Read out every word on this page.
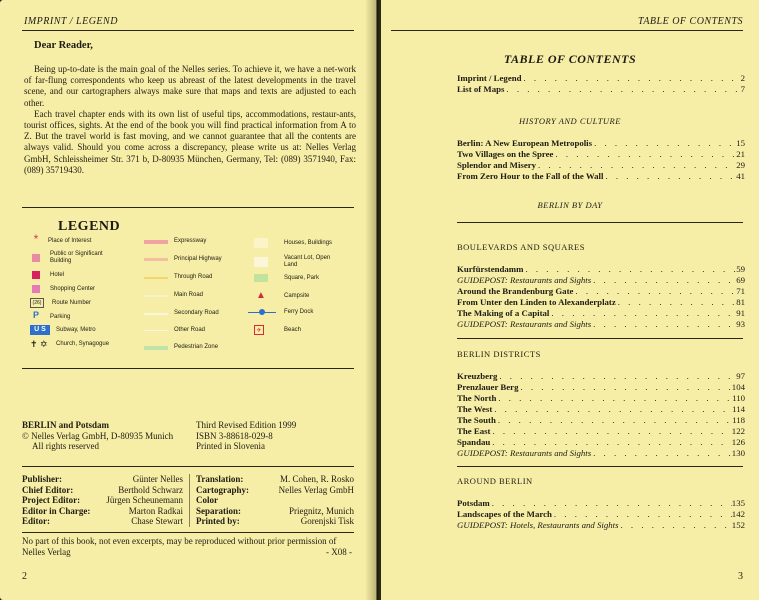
IMPRINT / LEGEND
Dear Reader,

Being up-to-date is the main goal of the Nelles series. To achieve it, we have a net-work of far-flung correspondents who keep us abreast of the latest developments in the travel scene, and our cartographers always make sure that maps and texts are adjusted to each other.

Each travel chapter ends with its own list of useful tips, accommodations, restaur-ants, tourist offices, sights. At the end of the book you will find practical information from A to Z. But the travel world is fast moving, and we cannot guarantee that all the contents are always valid. Should you come across a discrepancy, please write us at: Nelles Verlag GmbH, Schleissheimer Str. 371 b, D-80935 München, Germany, Tel: (089) 3571940, Fax: (089) 35719430.

LEGEND
*	Place of Interest
Public or Significant Building
Hotel
Shopping Center
(26)	Route Number
P	Parking
U S	Subway, Metro
✝ ✡	Church, Synagogue
Expressway
Principal Highway
Through Road
Main Road
Secondary Road
Other Road
Pedestrian Zone
Houses, Buildings
Vacant Lot, Open Land
Square, Park
▲	Campsite
Ferry Dock
✈	Beach
BERLIN and Potsdam
© Nelles Verlag GmbH, D-80935 Munich
All rights reserved
Third Revised Edition 1999
ISBN 3-88618-029-8
Printed in Slovenia
Publisher:	Günter Nelles Translation:	M. Cohen, R. Rosko
Chief Editor:	Berthold Schwarz Cartography:	Nelles Verlag GmbH
Project Editor:	Jürgen Scheunemann Color
Editor in Charge:	Marton Radkai Separation:	Priegnitz, Munich
Editor:	Chase Stewart Printed by:	Gorenjski Tisk
No part of this book, not even excerpts, may be reproduced without prior permission of Nelles Verlag	- X08 -
2
TABLE OF CONTENTS
TABLE OF CONTENTS
Imprint / Legend . . .	2
List of Maps . . .	7
HISTORY AND CULTURE
Berlin: A New European Metropolis . . .	15
Two Villages on the Spree . . .	21
Splendor and Misery . . .	29
From Zero Hour to the Fall of the Wall . . .	41
BERLIN BY DAY
BOULEVARDS AND SQUARES
Kurfürstendamm . . .	59
GUIDEPOST: Restaurants and Sights . . .	69
Around the Brandenburg Gate . . .	71
From Unter den Linden to Alexanderplatz . . .	81
The Making of a Capital . . .	91
GUIDEPOST: Restaurants and Sights . . .	93
BERLIN DISTRICTS
Kreuzberg . . .	97
Prenzlauer Berg . . .	104
The North . . .	110
The West . . .	114
The South . . .	118
The East . . .	122
Spandau . . .	126
GUIDEPOST: Restaurants and Sights . . .	130
AROUND BERLIN
Potsdam . . .	135
Landscapes of the March . . .	142
GUIDEPOST: Hotels, Restaurants and Sights . . .	152
3
